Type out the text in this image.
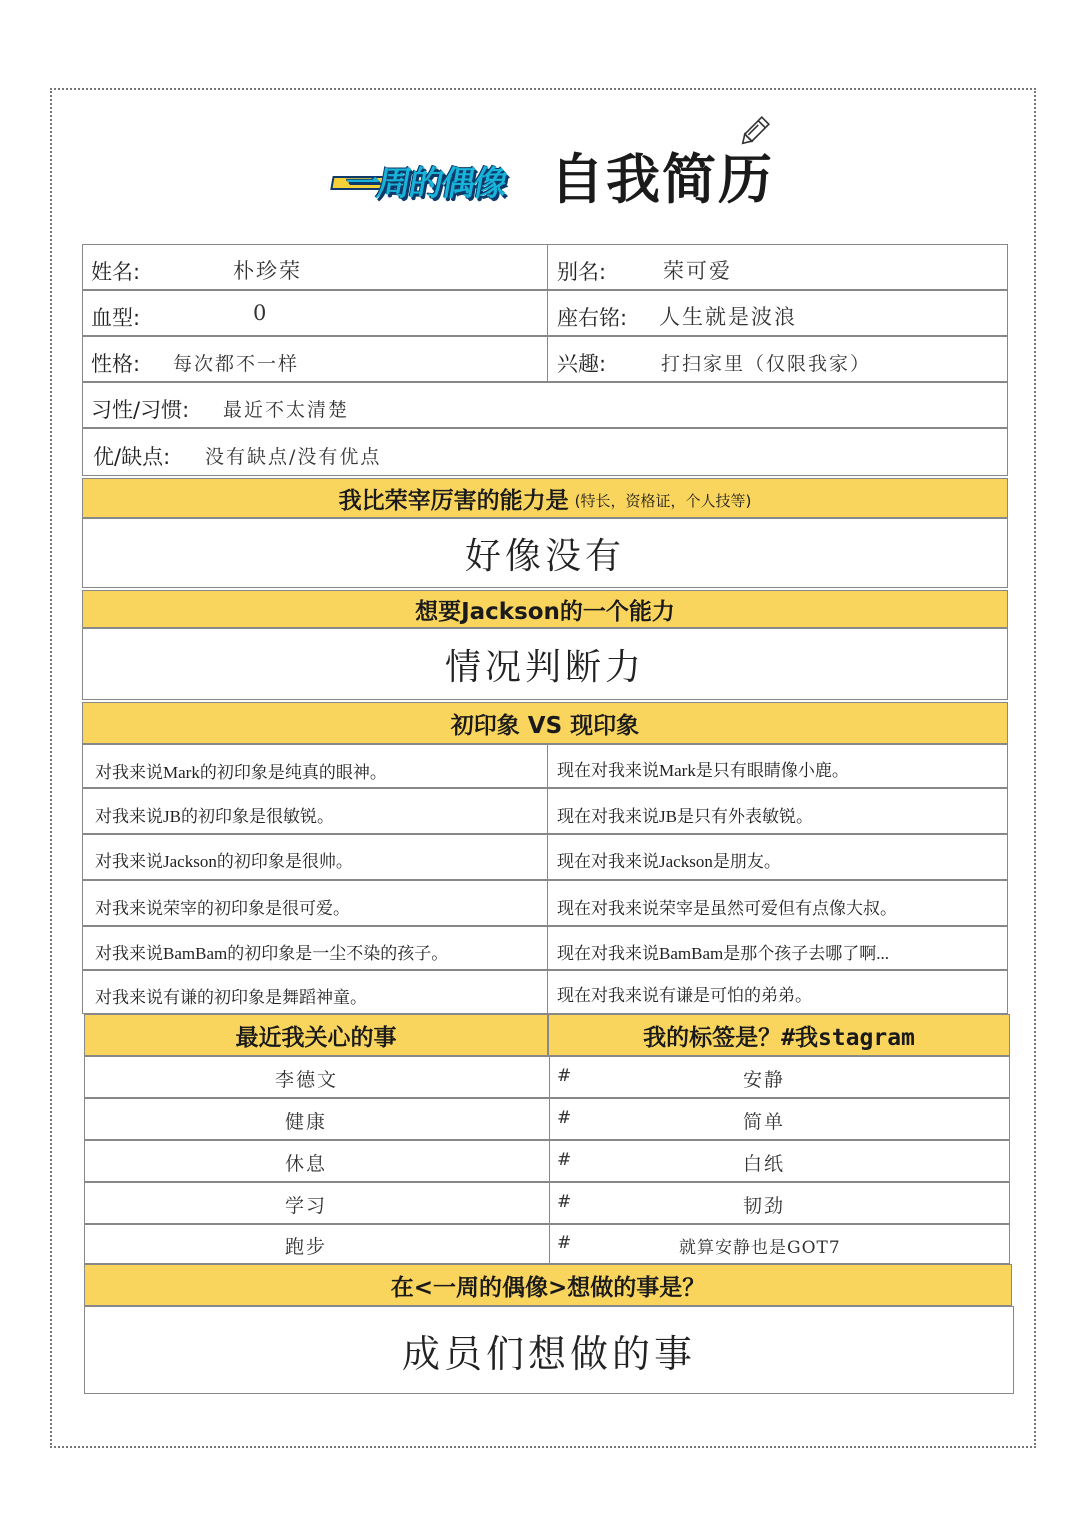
一周的偶像 自我简历
姓名:	朴珍荣	别名:	荣可爱
血型:	0	座右铭: 人生就是波浪
性格: 每次都不一样	兴趣:	打扫家里（仅限我家）
习性/习惯: 最近不太清楚
优/缺点: 没有缺点/没有优点
我比荣宰厉害的能力是 (特长，资格证，个人技等)
好像没有
想要Jackson的一个能力
情况判断力
初印象 VS 现印象
对我来说Mark的初印象是纯真的眼神。	现在对我来说Mark是只有眼睛像小鹿。
对我来说JB的初印象是很敏锐。	现在对我来说JB是只有外表敏锐。
对我来说Jackson的初印象是很帅。	现在对我来说Jackson是朋友。
对我来说荣宰的初印象是很可爱。	现在对我来说荣宰是虽然可爱但有点像大叔。
对我来说BamBam的初印象是一尘不染的孩子。	现在对我来说BamBam是那个孩子去哪了啊...
对我来说有谦的初印象是舞蹈神童。	现在对我来说有谦是可怕的弟弟。
最近我关心的事	我的标签是？#我stagram
李德文	#	安静
健康	#	简单
休息	#	白纸
学习	#	韧劲
跑步	#	就算安静也是GOT7
在<一周的偶像>想做的事是？
成员们想做的事
